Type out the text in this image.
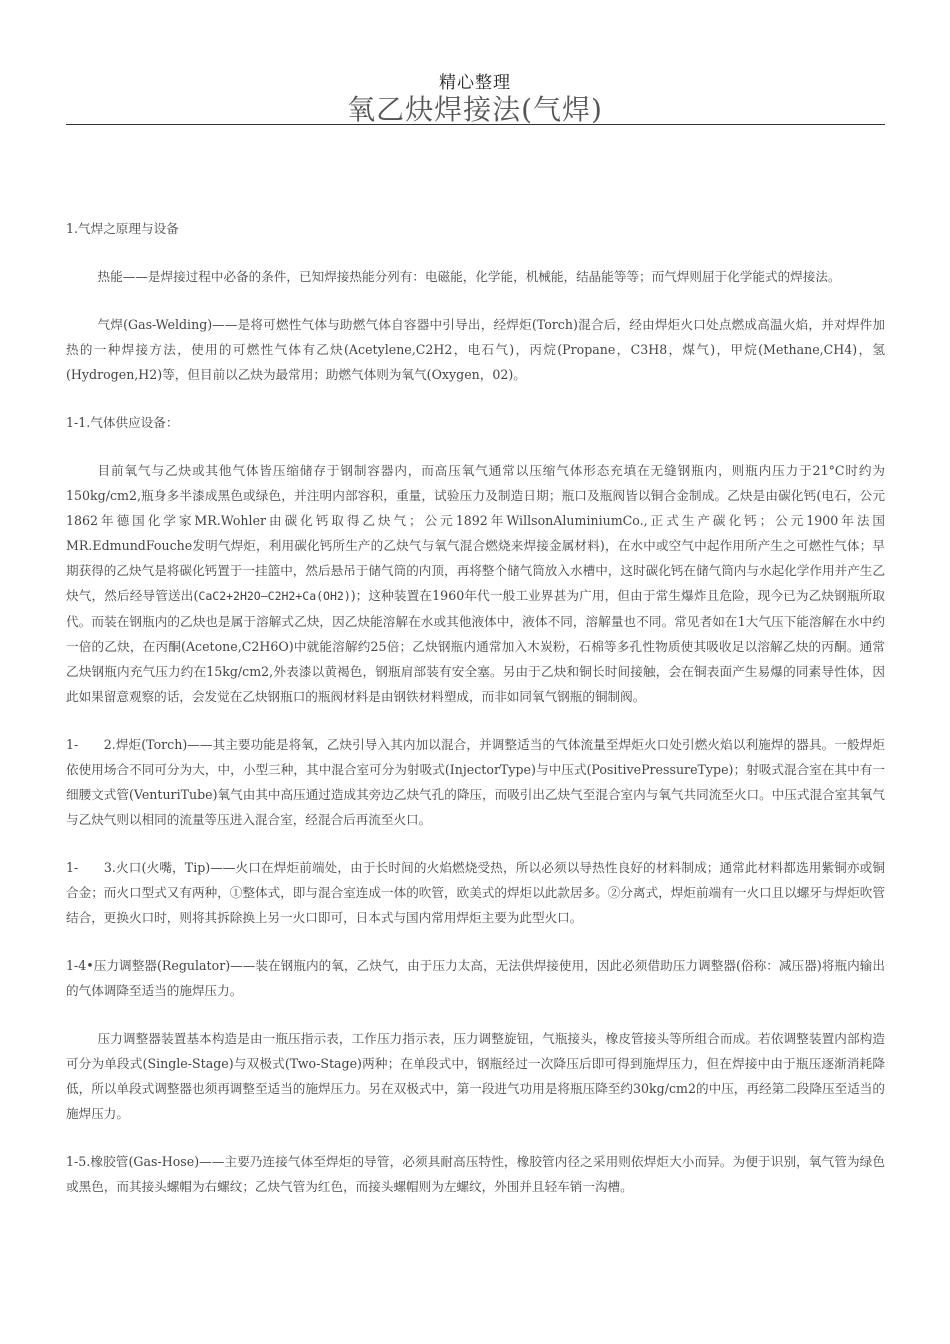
精心整理
氧乙炔焊接法(气焊)

1.气焊之原理与设备

热能——是焊接过程中必备的条件，已知焊接热能分列有：电磁能，化学能，机械能，结晶能等等；而气焊则屈于化学能式的焊接法。

气焊(Gas-Welding)——是将可燃性气体与助燃气体自容器中引导出，经焊炬(Torch)混合后，经由焊炬火口处点燃成高温火焰，并对焊件加热的一种焊接方法，使用的可燃性气体有乙炔(Acetylene,C2H2，电石气)，丙烷(Propane，C3H8，煤气)，甲烷(Methane,CH4)，氢(Hydrogen,H2)等，但目前以乙炔为最常用；助燃气体则为氧气(Oxygen，02)。

1-1.气体供应设备：

目前氧气与乙炔或其他气体皆压缩储存于钢制容器内，而高压氧气通常以压缩气体形态充填在无缝钢瓶内，则瓶内压力于21°C时约为150kg/cm2,瓶身多半漆成黑色或绿色，并注明内部容积，重量，试验压力及制造日期；瓶口及瓶阀皆以铜合金制成。乙炔是由碳化钙(电石，公元1862年德国化学家MR.Wohler由碳化钙取得乙炔气；公元1892年WillsonAluminiumCo.,正式生产碳化钙；公元1900年法国MR.EdmundFouche发明气焊炬，利用碳化钙所生产的乙炔气与氧气混合燃烧来焊接金属材料)，在水中或空气中起作用所产生之可燃性气体；早期获得的乙炔气是将碳化钙置于一挂篮中，然后悬吊于储气筒的内顶，再将整个储气筒放入水槽中，这时碳化钙在储气筒内与水起化学作用并产生乙炔气，然后经导管送出(CaC2+2H2O—C2H2+Ca(OH2))；这种装置在1960年代一般工业界甚为广用，但由于常生爆炸且危险，现今已为乙炔钢瓶所取代。而装在钢瓶内的乙炔也是属于溶解式乙炔，因乙炔能溶解在水或其他液体中，液体不同，溶解量也不同。常见者如在1大气压下能溶解在水中约一倍的乙炔，在丙酮(Acetone,C2H6O)中就能溶解约25倍；乙炔钢瓶内通常加入木炭粉，石棉等多孔性物质使其吸收足以溶解乙炔的丙酮。通常乙炔钢瓶内充气压力约在15kg/cm2,外表漆以黄褐色，钢瓶肩部装有安全塞。另由于乙炔和铜长时间接触，会在铜表面产生易爆的同素导性体，因此如果留意观察的话，会发觉在乙炔钢瓶口的瓶阀材料是由钢铁材料塑成，而非如同氧气钢瓶的铜制阀。

1-　　2.焊炬(Torch)——其主要功能是将氧，乙炔引导入其内加以混合，并调整适当的气体流量至焊炬火口处引燃火焰以利施焊的器具。一般焊炬依使用场合不同可分为大，中，小型三种，其中混合室可分为射吸式(InjectorType)与中压式(PositivePressureType)；射吸式混合室在其中有一细腰文式管(VenturiTube)氧气由其中高压通过造成其旁边乙炔气孔的降压，而吸引出乙炔气至混合室内与氧气共同流至火口。中压式混合室其氧气与乙炔气则以相同的流量等压进入混合室，经混合后再流至火口。

1-　　3.火口(火嘴，Tip)——火口在焊炬前端处，由于长时间的火焰燃烧受热，所以必须以导热性良好的材料制成；通常此材料都选用紫铜亦或铜合金；而火口型式又有两种，①整体式，即与混合室连成一体的吹管，欧美式的焊炬以此款居多。②分离式，焊炬前端有一火口且以螺牙与焊炬吹管结合，更换火口时，则将其拆除换上另一火口即可，日本式与国内常用焊炬主要为此型火口。

1-4•压力调整器(Regulator)——装在钢瓶内的氧，乙炔气，由于压力太高，无法供焊接使用，因此必须借助压力调整器(俗称：减压器)将瓶内输出的气体调降至适当的施焊压力。

压力调整器装置基本构造是由一瓶压指示表，工作压力指示表，压力调整旋钮，气瓶接头，橡皮管接头等所组合而成。若依调整装置内部构造可分为单段式(Single-Stage)与双极式(Two-Stage)两种；在单段式中，钢瓶经过一次降压后即可得到施焊压力，但在焊接中由于瓶压逐渐消耗降低，所以单段式调整器也须再调整至适当的施焊压力。另在双极式中，第一段进气功用是将瓶压降至约30kg/cm2的中压，再经第二段降压至适当的施焊压力。

1-5.橡胶管(Gas-Hose)——主要乃连接气体至焊炬的导管，必须具耐高压特性，橡胶管内径之采用则依焊炬大小而异。为便于识别，氧气管为绿色或黑色，而其接头螺帽为右螺纹；乙炔气管为红色，而接头螺帽则为左螺纹，外围并且轻车销一沟槽。
